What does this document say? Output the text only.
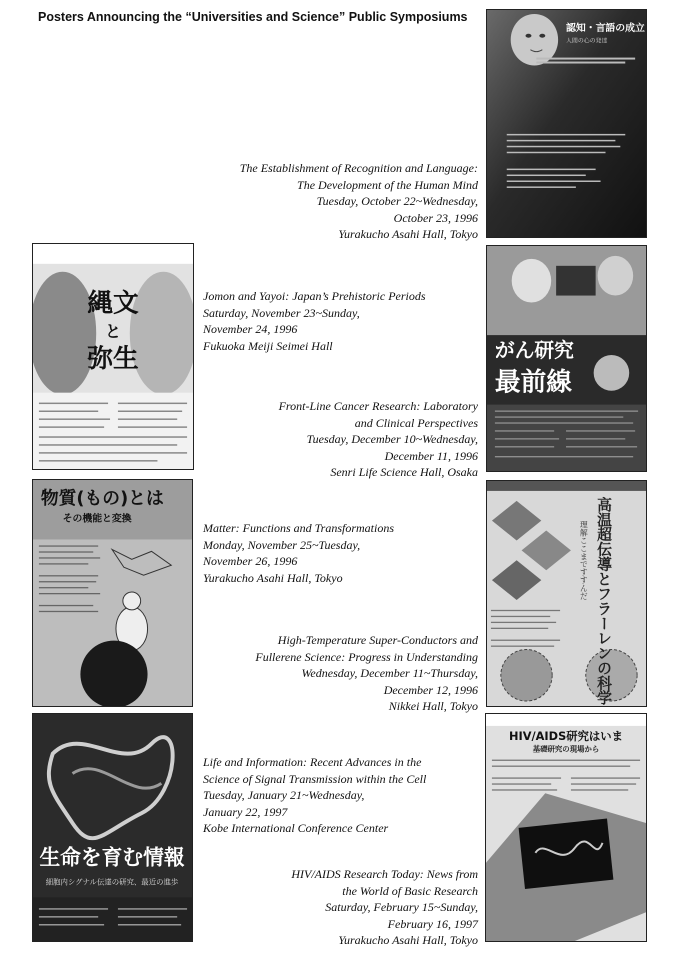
Posters Announcing the “Universities and Science” Public Symposiums
認知・言語の成立
人間の心の発達
The Establishment of Recognition and Language:
The Development of the Human Mind
Tuesday, October 22~Wednesday,
October 23, 1996
Yurakucho Asahi Hall, Tokyo
縄文
と
弥生
Jomon and Yayoi: Japan’s Prehistoric Periods
Saturday, November 23~Sunday,
November 24, 1996
Fukuoka Meiji Seimei Hall	がん研究
最前線
Front-Line Cancer Research: Laboratory
and Clinical Perspectives
Tuesday, December 10~Wednesday,
December 11, 1996
Senri Life Science Hall, Osaka
物質(もの)とは
その機能と変換
Matter: Functions and Transformations
Monday, November 25~Tuesday,
November 26, 1996
Yurakucho Asahi Hall, Tokyo	高温超伝導とフラーレンの科学
理解ここまですすんだ
High-Temperature Super-Conductors and
Fullerene Science: Progress in Understanding
Wednesday, December 11~Thursday,
December 12, 1996
Nikkei Hall, Tokyo
生命を育む情報
細胞内シグナル伝達の研究、最近の進歩
Life and Information: Recent Advances in the
Science of Signal Transmission within the Cell
Tuesday, January 21~Wednesday,
January 22, 1997
Kobe International Conference Center
HIV/AIDS研究はいま
基礎研究の現場から
HIV/AIDS Research Today: News from
the World of Basic Research
Saturday, February 15~Sunday,
February 16, 1997
Yurakucho Asahi Hall, Tokyo
